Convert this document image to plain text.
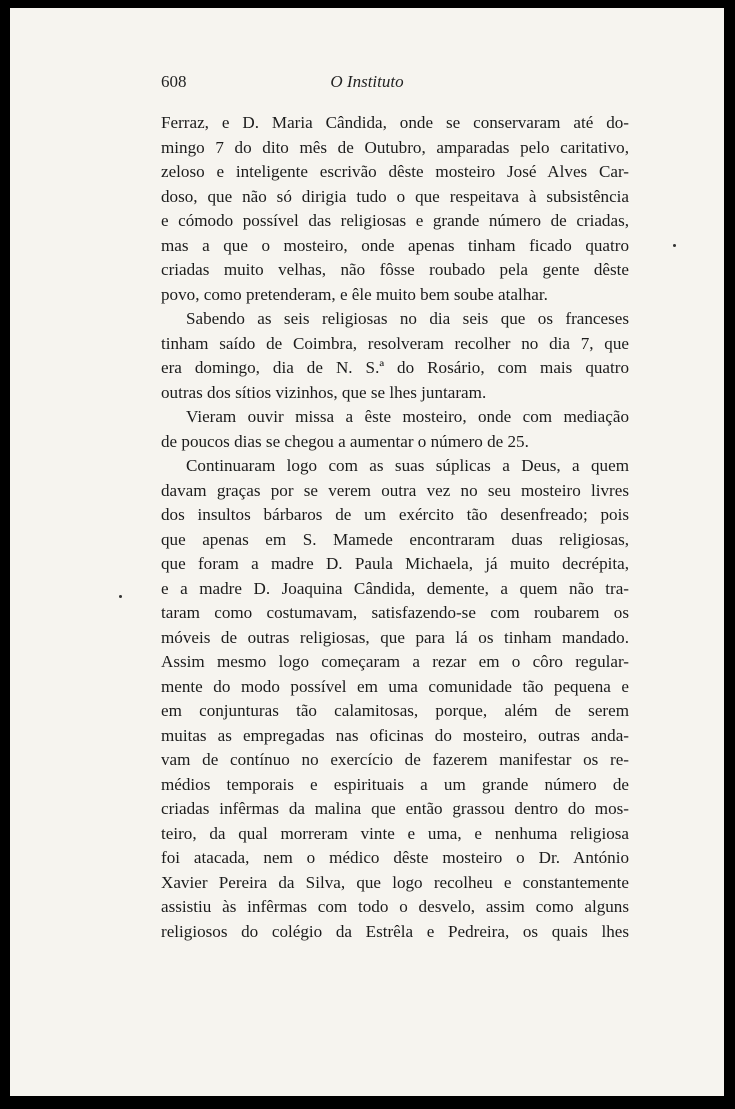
608	O Instituto
Ferraz, e D. Maria Cândida, onde se conservaram até do-
mingo 7 do dito mês de Outubro, amparadas pelo caritativo,
zeloso e inteligente escrivão dêste mosteiro José Alves Car-
doso, que não só dirigia tudo o que respeitava à subsistência
e cómodo possível das religiosas e grande número de criadas,
mas a que o mosteiro, onde apenas tinham ficado quatro
criadas muito velhas, não fôsse roubado pela gente dêste
povo, como pretenderam, e êle muito bem soube atalhar.
Sabendo as seis religiosas no dia seis que os franceses
tinham saído de Coimbra, resolveram recolher no dia 7, que
era domingo, dia de N. S.ª do Rosário, com mais quatro
outras dos sítios vizinhos, que se lhes juntaram.
Vieram ouvir missa a êste mosteiro, onde com mediação
de poucos dias se chegou a aumentar o número de 25.
Continuaram logo com as suas súplicas a Deus, a quem
davam graças por se verem outra vez no seu mosteiro livres
dos insultos bárbaros de um exército tão desenfreado; pois
que apenas em S. Mamede encontraram duas religiosas,
que foram a madre D. Paula Michaela, já muito decrépita,
e a madre D. Joaquina Cândida, demente, a quem não tra-
taram como costumavam, satisfazendo-se com roubarem os
móveis de outras religiosas, que para lá os tinham mandado.
Assim mesmo logo começaram a rezar em o côro regular-
mente do modo possível em uma comunidade tão pequena e
em conjunturas tão calamitosas, porque, além de serem
muitas as empregadas nas oficinas do mosteiro, outras anda-
vam de contínuo no exercício de fazerem manifestar os re-
médios temporais e espirituais a um grande número de
criadas infêrmas da malina que então grassou dentro do mos-
teiro, da qual morreram vinte e uma, e nenhuma religiosa
foi atacada, nem o médico dêste mosteiro o Dr. António
Xavier Pereira da Silva, que logo recolheu e constantemente
assistiu às infêrmas com todo o desvelo, assim como alguns
religiosos do colégio da Estrêla e Pedreira, os quais lhes
